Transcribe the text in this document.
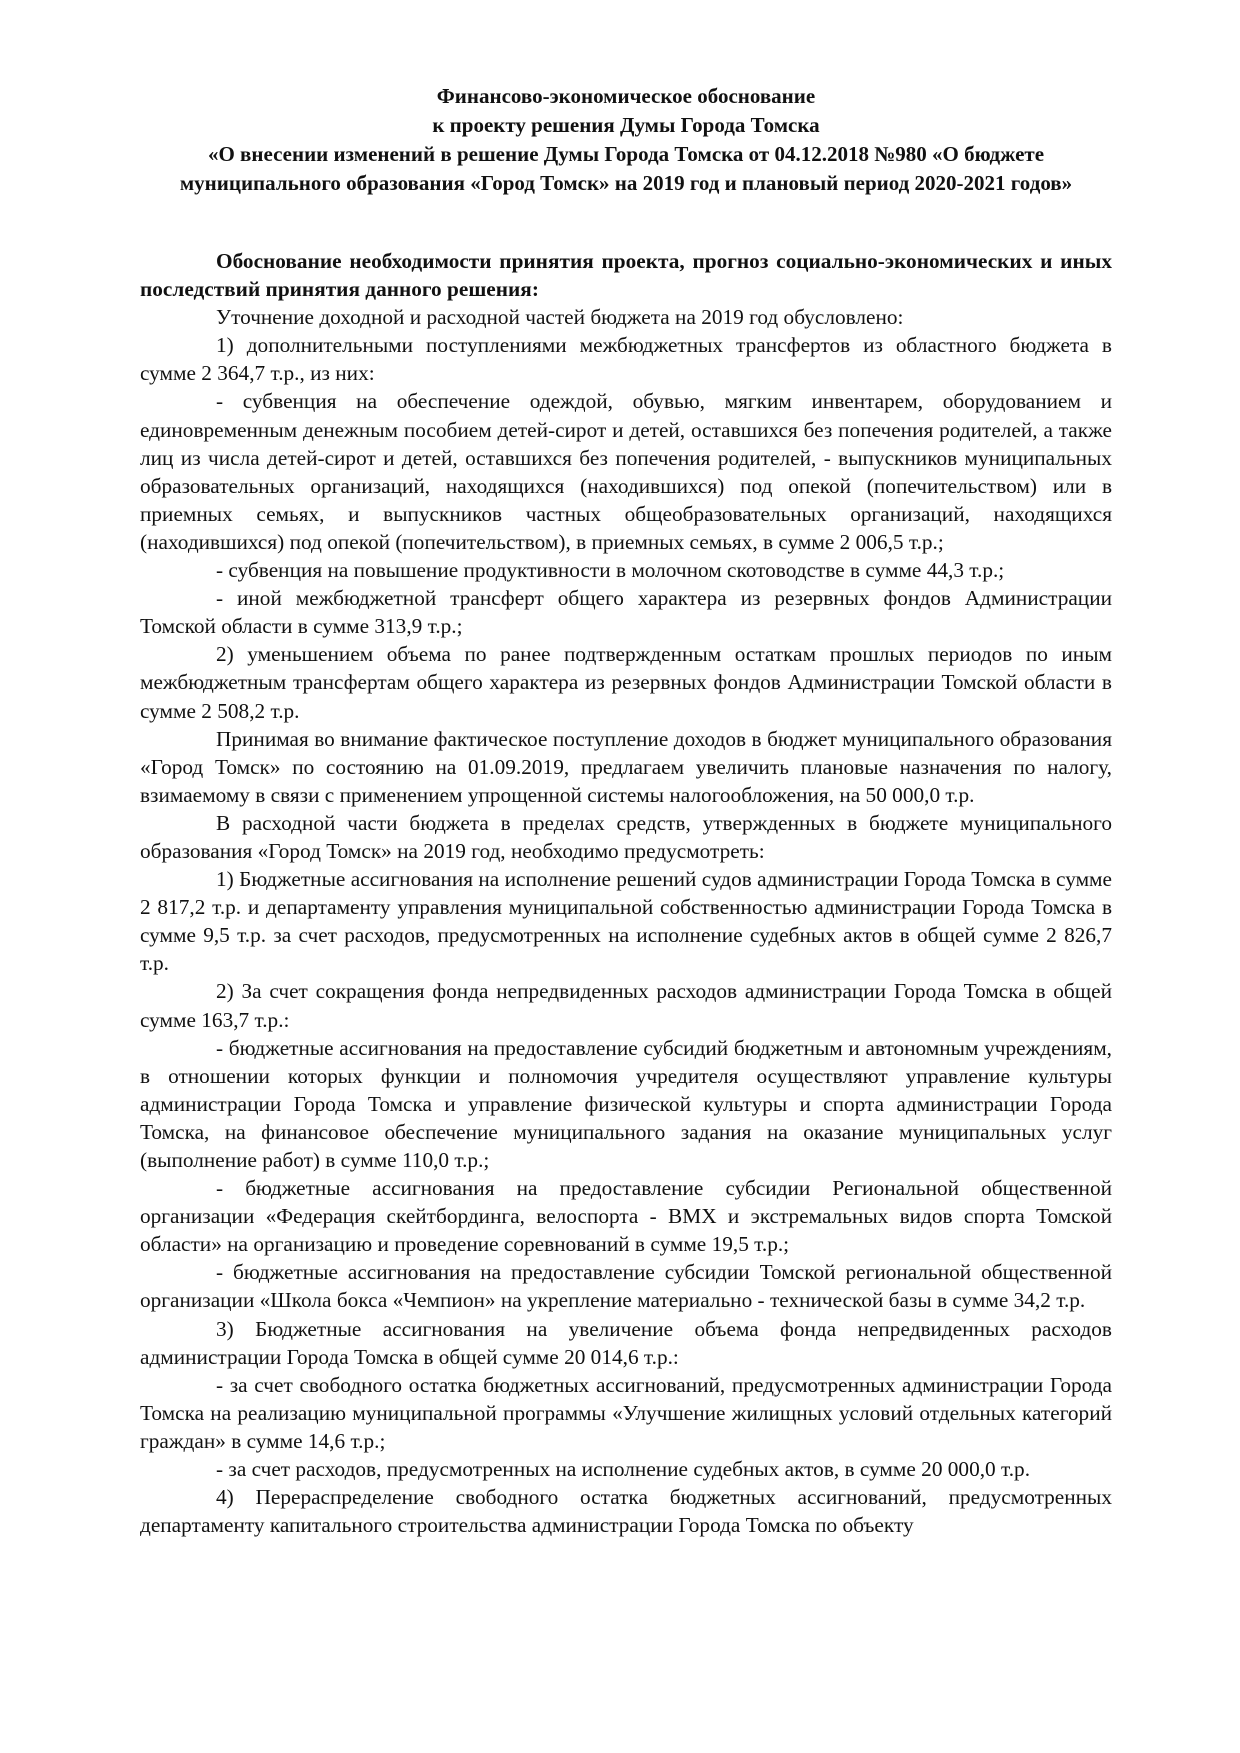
Финансово-экономическое обоснование
к проекту решения Думы Города Томска
«О внесении изменений в решение Думы Города Томска от 04.12.2018 №980 «О бюджете муниципального образования «Город Томск» на 2019 год и плановый период 2020-2021 годов»

Обоснование необходимости принятия проекта, прогноз социально-экономических и иных последствий принятия данного решения:

Уточнение доходной и расходной частей бюджета на 2019 год обусловлено:

1) дополнительными поступлениями межбюджетных трансфертов из областного бюджета в сумме 2 364,7 т.р., из них:

- субвенция на обеспечение одеждой, обувью, мягким инвентарем, оборудованием и единовременным денежным пособием детей-сирот и детей, оставшихся без попечения родителей, а также лиц из числа детей-сирот и детей, оставшихся без попечения родителей, - выпускников муниципальных образовательных организаций, находящихся (находившихся) под опекой (попечительством) или в приемных семьях, и выпускников частных общеобразовательных организаций, находящихся (находившихся) под опекой (попечительством), в приемных семьях, в сумме 2 006,5 т.р.;

- субвенция на повышение продуктивности в молочном скотоводстве в сумме 44,3 т.р.;

- иной межбюджетной трансферт общего характера из резервных фондов Администрации Томской области в сумме 313,9 т.р.;

2) уменьшением объема по ранее подтвержденным остаткам прошлых периодов по иным межбюджетным трансфертам общего характера из резервных фондов Администрации Томской области в сумме 2 508,2 т.р.

Принимая во внимание фактическое поступление доходов в бюджет муниципального образования «Город Томск» по состоянию на 01.09.2019, предлагаем увеличить плановые назначения по налогу, взимаемому в связи с применением упрощенной системы налогообложения, на 50 000,0 т.р.

В расходной части бюджета в пределах средств, утвержденных в бюджете муниципального образования «Город Томск» на 2019 год, необходимо предусмотреть:

1) Бюджетные ассигнования на исполнение решений судов администрации Города Томска в сумме 2 817,2 т.р. и департаменту управления муниципальной собственностью администрации Города Томска в сумме 9,5 т.р. за счет расходов, предусмотренных на исполнение судебных актов в общей сумме 2 826,7 т.р.

2) За счет сокращения фонда непредвиденных расходов администрации Города Томска в общей сумме 163,7 т.р.:

- бюджетные ассигнования на предоставление субсидий бюджетным и автономным учреждениям, в отношении которых функции и полномочия учредителя осуществляют управление культуры администрации Города Томска и управление физической культуры и спорта администрации Города Томска, на финансовое обеспечение муниципального задания на оказание муниципальных услуг (выполнение работ) в сумме 110,0 т.р.;

- бюджетные ассигнования на предоставление субсидии Региональной общественной организации «Федерация скейтбординга, велоспорта - BMX и экстремальных видов спорта Томской области» на организацию и проведение соревнований в сумме 19,5 т.р.;

- бюджетные ассигнования на предоставление субсидии Томской региональной общественной организации «Школа бокса «Чемпион» на укрепление материально - технической базы в сумме 34,2 т.р.

3) Бюджетные ассигнования на увеличение объема фонда непредвиденных расходов администрации Города Томска в общей сумме 20 014,6 т.р.:

- за счет свободного остатка бюджетных ассигнований, предусмотренных администрации Города Томска на реализацию муниципальной программы «Улучшение жилищных условий отдельных категорий граждан» в сумме 14,6 т.р.;

- за счет расходов, предусмотренных на исполнение судебных актов, в сумме 20 000,0 т.р.

4) Перераспределение свободного остатка бюджетных ассигнований, предусмотренных департаменту капитального строительства администрации Города Томска по объекту
